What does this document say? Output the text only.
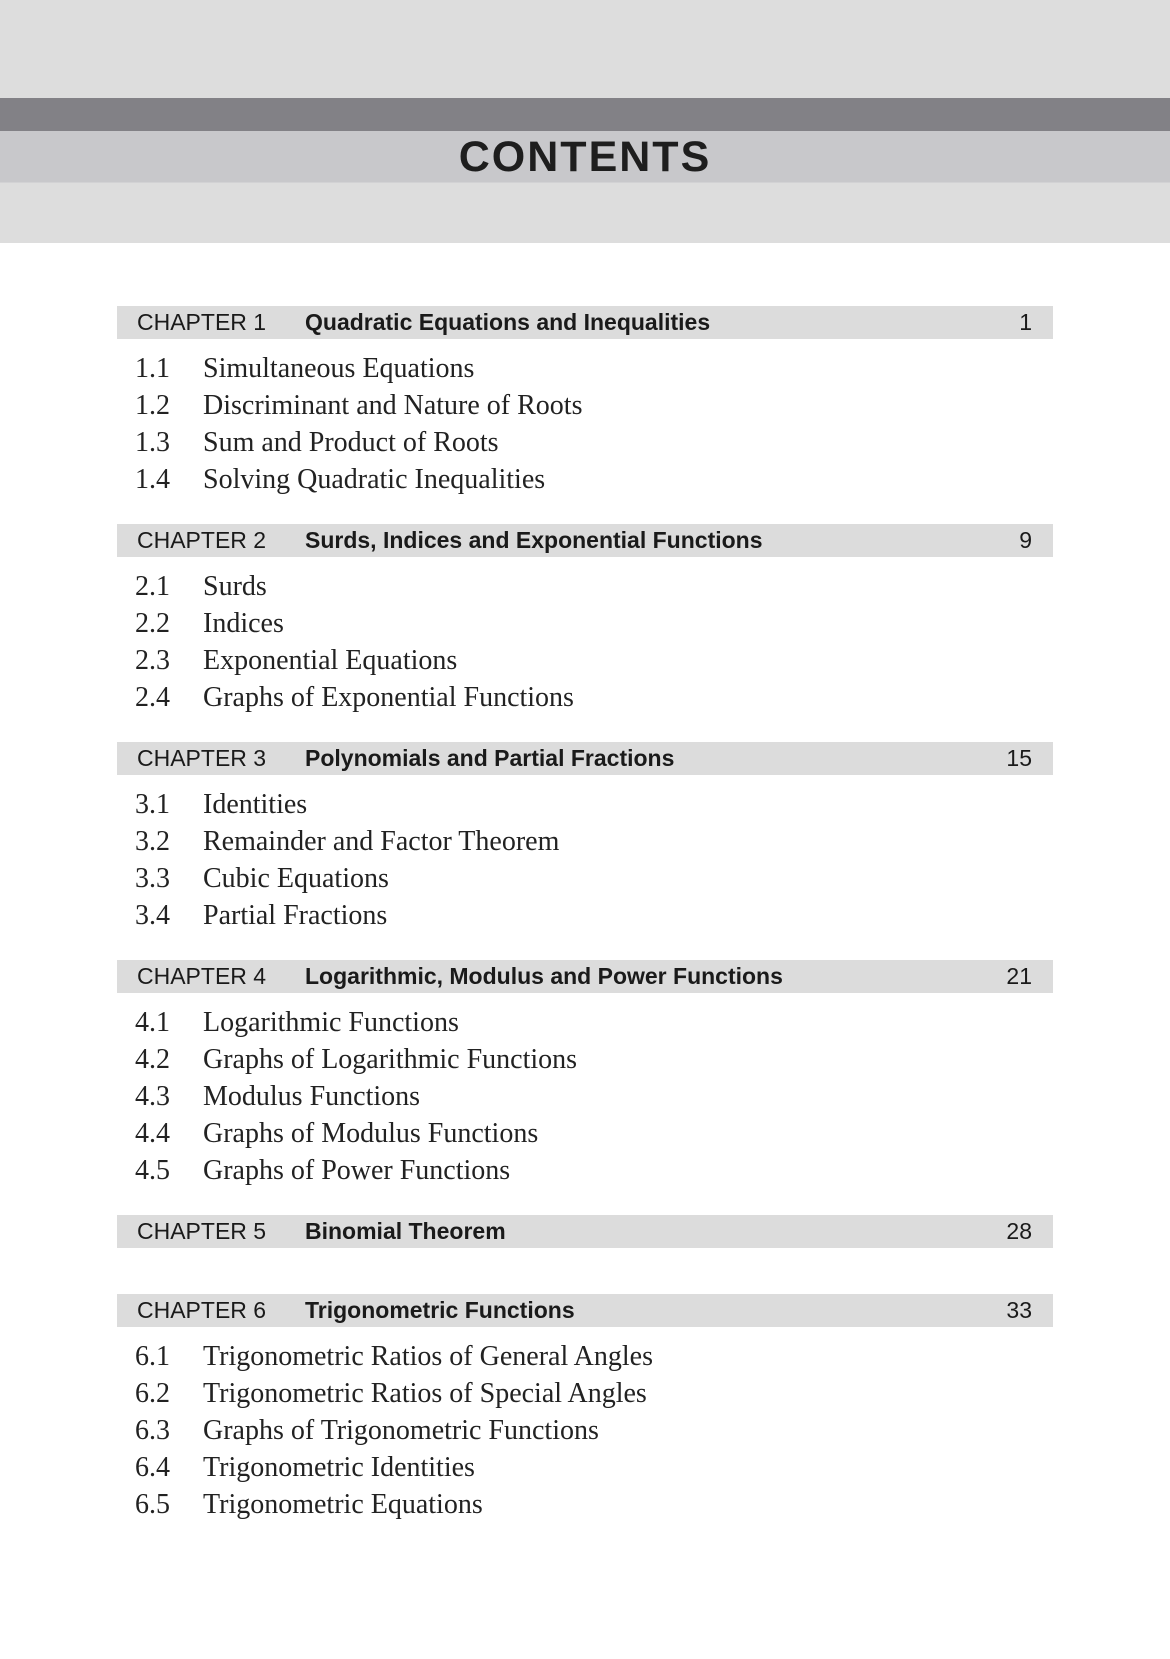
CONTENTS
CHAPTER 1	Quadratic Equations and Inequalities	1
1.1	Simultaneous Equations
1.2	Discriminant and Nature of Roots
1.3	Sum and Product of Roots
1.4	Solving Quadratic Inequalities
CHAPTER 2	Surds, Indices and Exponential Functions	9
2.1	Surds
2.2	Indices
2.3	Exponential Equations
2.4	Graphs of Exponential Functions
CHAPTER 3	Polynomials and Partial Fractions	15
3.1	Identities
3.2	Remainder and Factor Theorem
3.3	Cubic Equations
3.4	Partial Fractions
CHAPTER 4	Logarithmic, Modulus and Power Functions	21
4.1	Logarithmic Functions
4.2	Graphs of Logarithmic Functions
4.3	Modulus Functions
4.4	Graphs of Modulus Functions
4.5	Graphs of Power Functions
CHAPTER 5	Binomial Theorem	28
CHAPTER 6	Trigonometric Functions	33
6.1	Trigonometric Ratios of General Angles
6.2	Trigonometric Ratios of Special Angles
6.3	Graphs of Trigonometric Functions
6.4	Trigonometric Identities
6.5	Trigonometric Equations
